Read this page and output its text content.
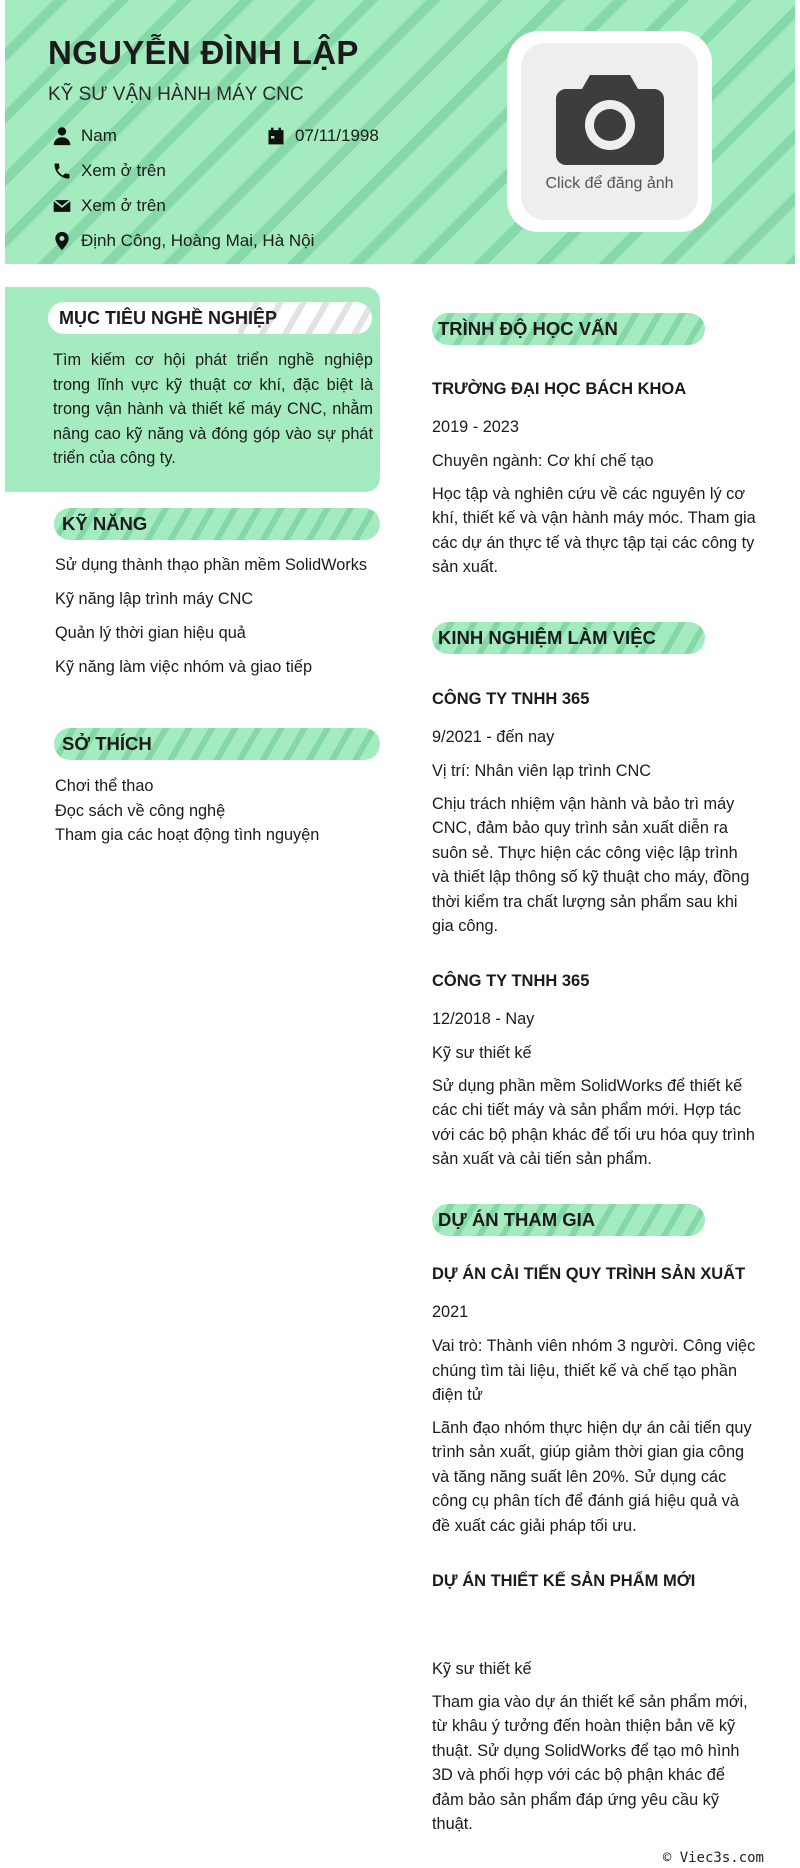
NGUYỄN ĐÌNH LẬP
KỸ SƯ VẬN HÀNH MÁY CNC
Nam	07/11/1998
Xem ở trên
Xem ở trên
Định Công, Hoàng Mai, Hà Nội
Click để đăng ảnh
MỤC TIÊU NGHỀ NGHIỆP
Tìm kiếm cơ hội phát triển nghề nghiệp trong lĩnh vực kỹ thuật cơ khí, đặc biệt là trong vận hành và thiết kế máy CNC, nhằm nâng cao kỹ năng và đóng góp vào sự phát triển của công ty.
KỸ NĂNG
Sử dụng thành thạo phần mềm SolidWorks
Kỹ năng lập trình máy CNC
Quản lý thời gian hiệu quả
Kỹ năng làm việc nhóm và giao tiếp
SỞ THÍCH
Chơi thể thao
Đọc sách về công nghệ
Tham gia các hoạt động tình nguyện
TRÌNH ĐỘ HỌC VẤN
TRƯỜNG ĐẠI HỌC BÁCH KHOA
2019 - 2023
Chuyên ngành: Cơ khí chế tạo
Học tập và nghiên cứu về các nguyên lý cơ khí, thiết kế và vận hành máy móc. Tham gia các dự án thực tế và thực tập tại các công ty sản xuất.
KINH NGHIỆM LÀM VIỆC
CÔNG TY TNHH 365
9/2021 - đến nay
Vị trí: Nhân viên lạp trình CNC
Chịu trách nhiệm vận hành và bảo trì máy CNC, đảm bảo quy trình sản xuất diễn ra suôn sẻ. Thực hiện các công việc lập trình và thiết lập thông số kỹ thuật cho máy, đồng thời kiểm tra chất lượng sản phẩm sau khi gia công.
CÔNG TY TNHH 365
12/2018 - Nay
Kỹ sư thiết kế
Sử dụng phần mềm SolidWorks để thiết kế các chi tiết máy và sản phẩm mới. Hợp tác với các bộ phận khác để tối ưu hóa quy trình sản xuất và cải tiến sản phẩm.
DỰ ÁN THAM GIA
DỰ ÁN CẢI TIẾN QUY TRÌNH SẢN XUẤT
2021
Vai trò: Thành viên nhóm 3 người. Công việc chúng tìm tài liệu, thiết kế và chế tạo phần điện tử
Lãnh đạo nhóm thực hiện dự án cải tiến quy trình sản xuất, giúp giảm thời gian gia công và tăng năng suất lên 20%. Sử dụng các công cụ phân tích để đánh giá hiệu quả và đề xuất các giải pháp tối ưu.
DỰ ÁN THIẾT KẾ SẢN PHẨM MỚI
Kỹ sư thiết kế
Tham gia vào dự án thiết kế sản phẩm mới, từ khâu ý tưởng đến hoàn thiện bản vẽ kỹ thuật. Sử dụng SolidWorks để tạo mô hình 3D và phối hợp với các bộ phận khác để đảm bảo sản phẩm đáp ứng yêu cầu kỹ thuật.
© Viec3s.com
